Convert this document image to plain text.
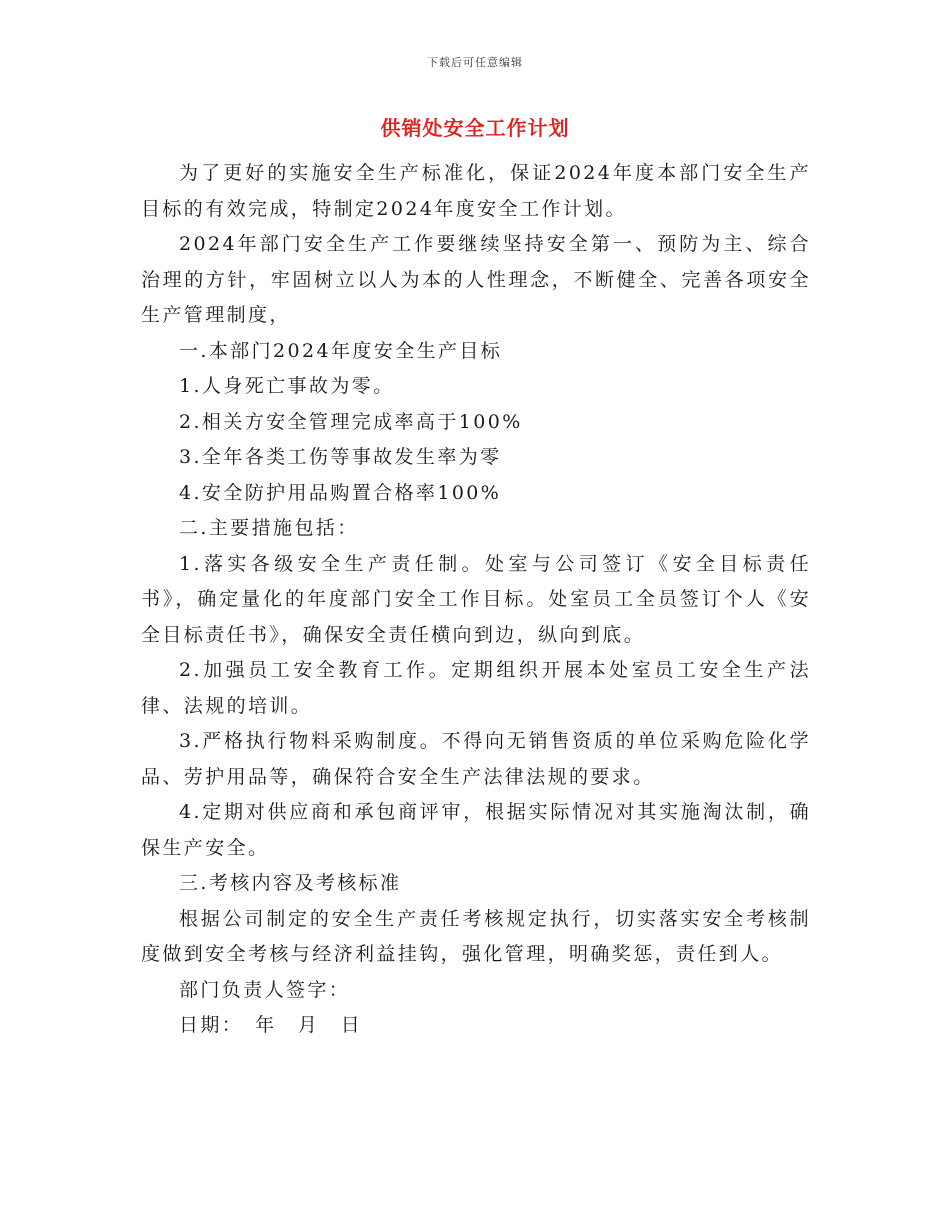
下载后可任意编辑
供销处安全工作计划

为了更好的实施安全生产标准化，保证2024年度本部门安全生产目标的有效完成，特制定2024年度安全工作计划。

2024年部门安全生产工作要继续坚持安全第一、预防为主、综合治理的方针，牢固树立以人为本的人性理念，不断健全、完善各项安全生产管理制度，

一.本部门2024年度安全生产目标

1.人身死亡事故为零。

2.相关方安全管理完成率高于100%

3.全年各类工伤等事故发生率为零

4.安全防护用品购置合格率100%

二.主要措施包括：

1.落实各级安全生产责任制。处室与公司签订《安全目标责任书》，确定量化的年度部门安全工作目标。处室员工全员签订个人《安全目标责任书》，确保安全责任横向到边，纵向到底。

2.加强员工安全教育工作。定期组织开展本处室员工安全生产法律、法规的培训。

3.严格执行物料采购制度。不得向无销售资质的单位采购危险化学品、劳护用品等，确保符合安全生产法律法规的要求。

4.定期对供应商和承包商评审，根据实际情况对其实施淘汰制，确保生产安全。

三.考核内容及考核标准

根据公司制定的安全生产责任考核规定执行，切实落实安全考核制度做到安全考核与经济利益挂钩，强化管理，明确奖惩，责任到人。

部门负责人签字：

日期：　年　月　日
